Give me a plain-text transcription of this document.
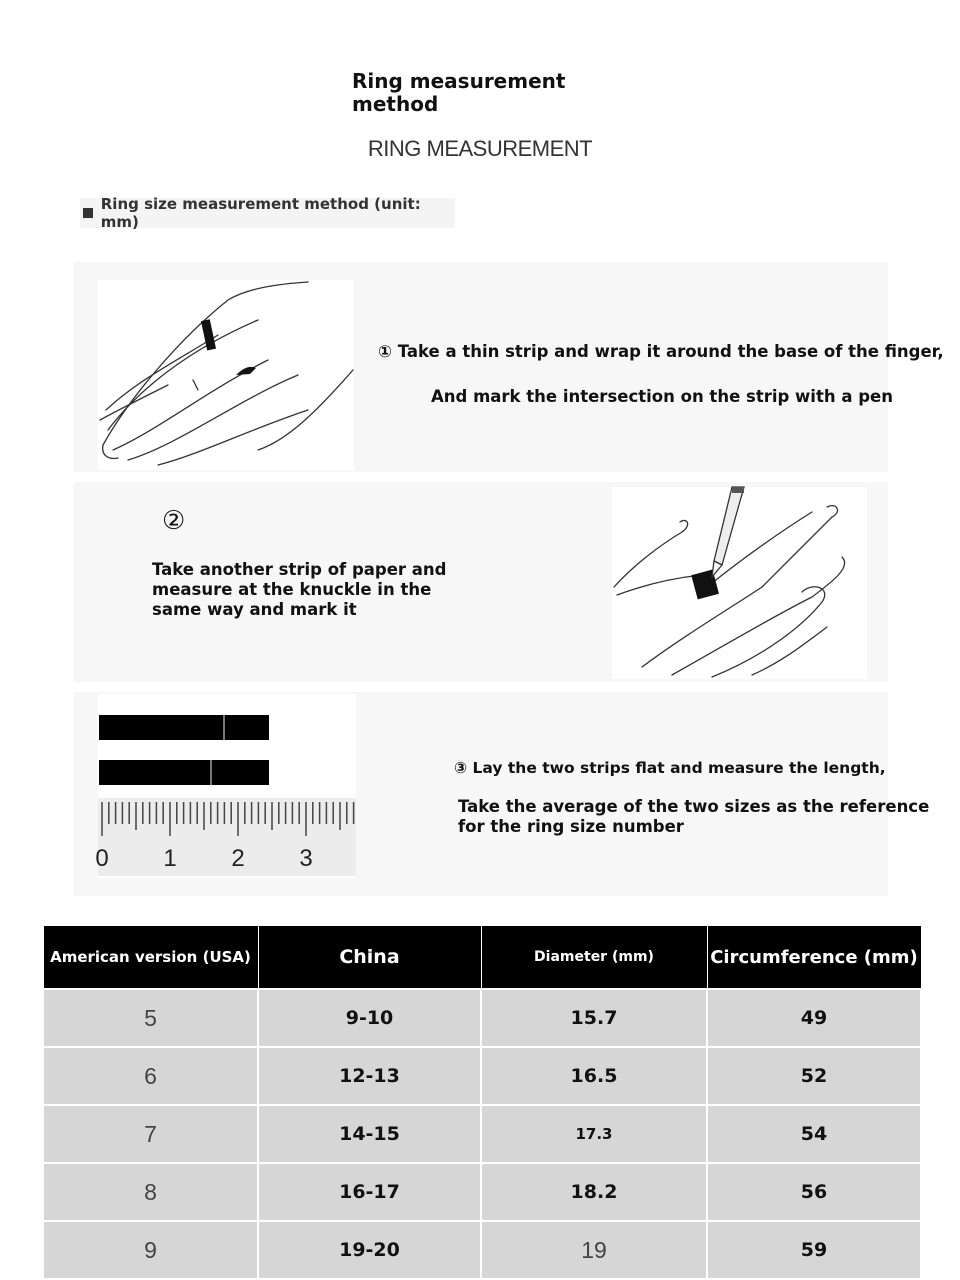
Ring measurement method
RING MEASUREMENT
Ring size measurement method (unit: mm)
① Take a thin strip and wrap it around the base of the finger,
And mark the intersection on the strip with a pen
②
Take another strip of paper and measure at the knuckle in the same way and mark it
0 1 2 3
③ Lay the two strips flat and measure the length,
Take the average of the two sizes as the reference for the ring size number
American version (USA)	China	Diameter (mm)	Circumference (mm)
5	9-10	15.7	49
6	12-13	16.5	52
7	14-15	17.3	54
8	16-17	18.2	56
9	19-20	19	59
